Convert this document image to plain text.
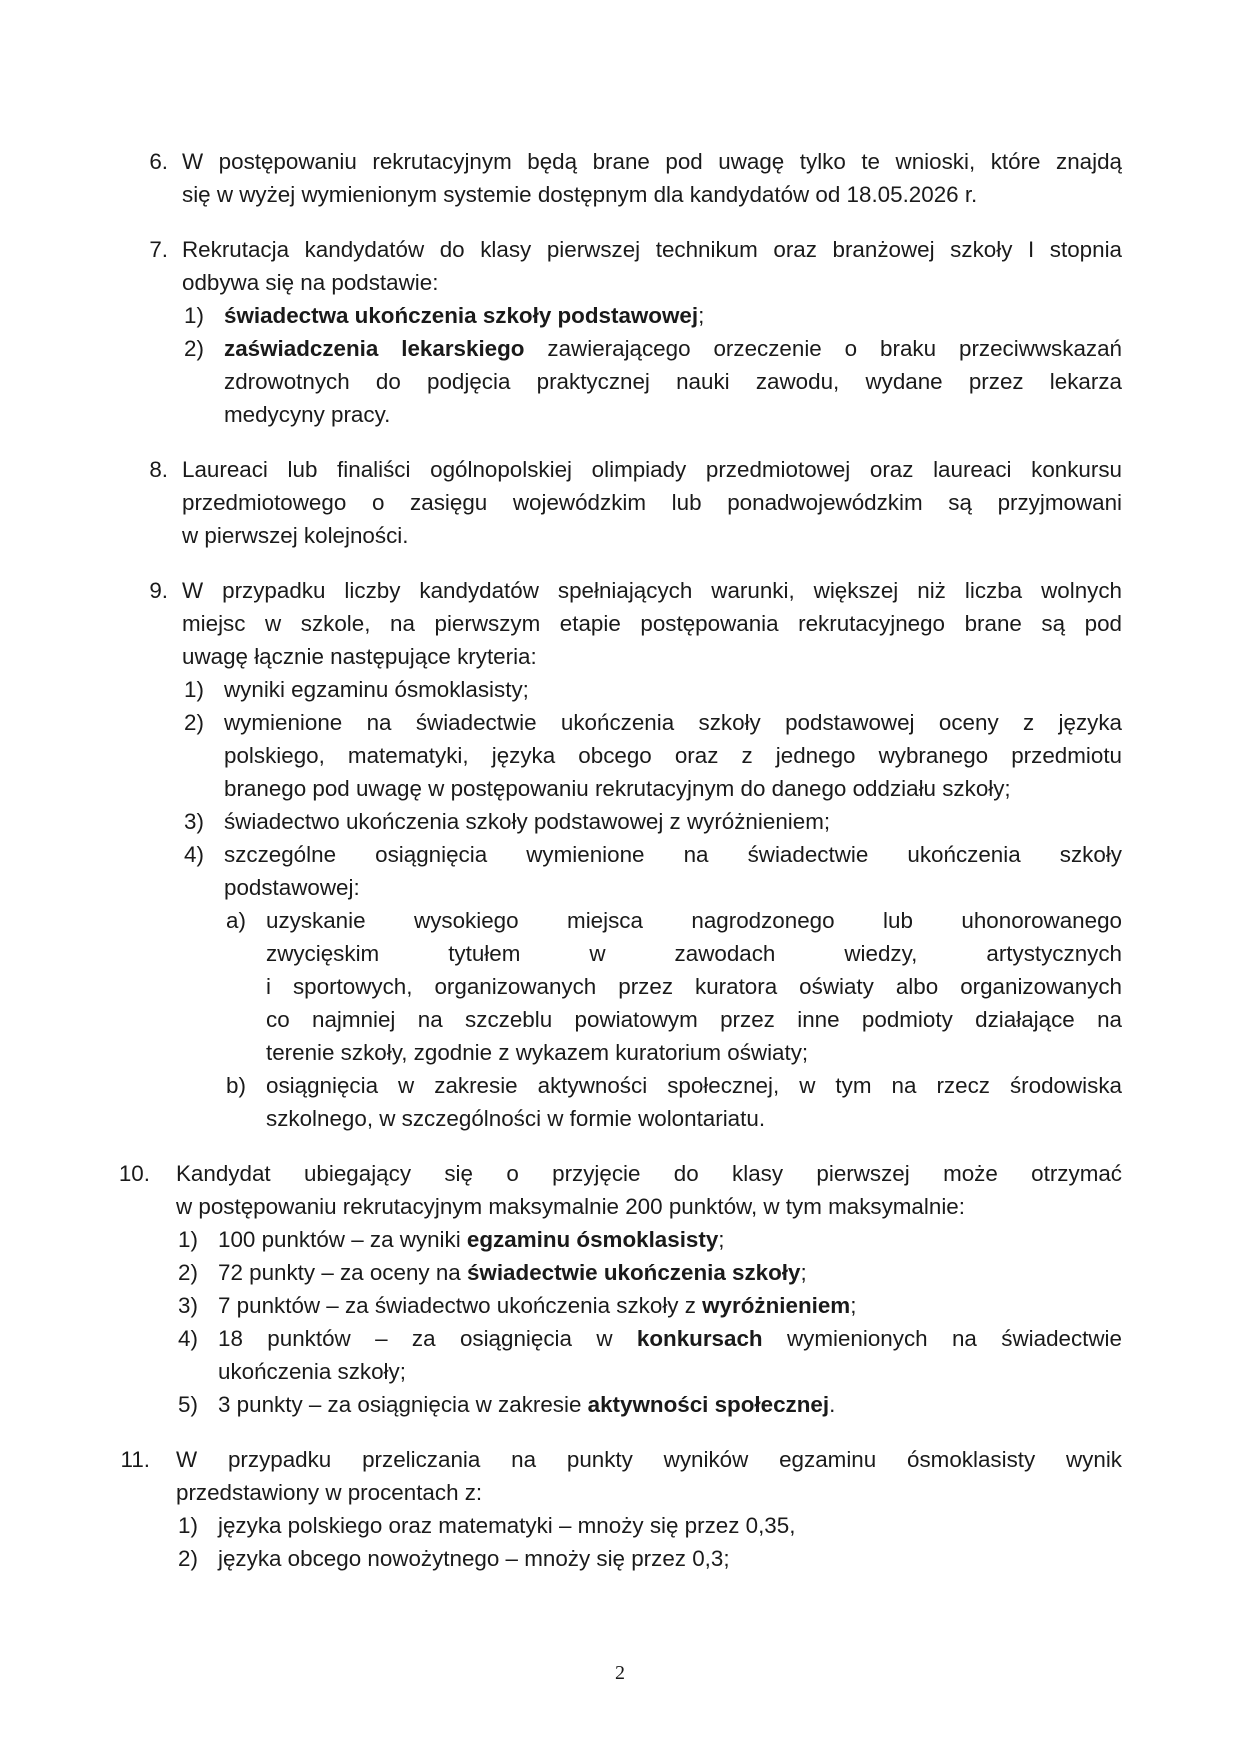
6. W postępowaniu rekrutacyjnym będą brane pod uwagę tylko te wnioski, które znajdą
się w wyżej wymienionym systemie dostępnym dla kandydatów od 18.05.2026 r.
7. Rekrutacja kandydatów do klasy pierwszej technikum oraz branżowej szkoły I stopnia
odbywa się na podstawie:
1) świadectwa ukończenia szkoły podstawowej;
2) zaświadczenia lekarskiego zawierającego orzeczenie o braku przeciwwskazań
zdrowotnych do podjęcia praktycznej nauki zawodu, wydane przez lekarza
medycyny pracy.
8. Laureaci lub finaliści ogólnopolskiej olimpiady przedmiotowej oraz laureaci konkursu
przedmiotowego o zasięgu wojewódzkim lub ponadwojewódzkim są przyjmowani
w pierwszej kolejności.
9. W przypadku liczby kandydatów spełniających warunki, większej niż liczba wolnych
miejsc w szkole, na pierwszym etapie postępowania rekrutacyjnego brane są pod
uwagę łącznie następujące kryteria:
1) wyniki egzaminu ósmoklasisty;
2) wymienione na świadectwie ukończenia szkoły podstawowej oceny z języka
polskiego, matematyki, języka obcego oraz z jednego wybranego przedmiotu
branego pod uwagę w postępowaniu rekrutacyjnym do danego oddziału szkoły;
3) świadectwo ukończenia szkoły podstawowej z wyróżnieniem;
4) szczególne osiągnięcia wymienione na świadectwie ukończenia szkoły
podstawowej:
a) uzyskanie wysokiego miejsca nagrodzonego lub uhonorowanego
zwycięskim tytułem w zawodach wiedzy, artystycznych
i sportowych, organizowanych przez kuratora oświaty albo organizowanych
co najmniej na szczeblu powiatowym przez inne podmioty działające na
terenie szkoły, zgodnie z wykazem kuratorium oświaty;
b) osiągnięcia w zakresie aktywności społecznej, w tym na rzecz środowiska
szkolnego, w szczególności w formie wolontariatu.
10. Kandydat ubiegający się o przyjęcie do klasy pierwszej może otrzymać
w postępowaniu rekrutacyjnym maksymalnie 200 punktów, w tym maksymalnie:
1) 100 punktów – za wyniki egzaminu ósmoklasisty;
2) 72 punkty – za oceny na świadectwie ukończenia szkoły;
3) 7 punktów – za świadectwo ukończenia szkoły z wyróżnieniem;
4) 18 punktów – za osiągnięcia w konkursach wymienionych na świadectwie
ukończenia szkoły;
5) 3 punkty – za osiągnięcia w zakresie aktywności społecznej.
11. W przypadku przeliczania na punkty wyników egzaminu ósmoklasisty wynik
przedstawiony w procentach z:
1) języka polskiego oraz matematyki – mnoży się przez 0,35,
2) języka obcego nowożytnego – mnoży się przez 0,3;
2
